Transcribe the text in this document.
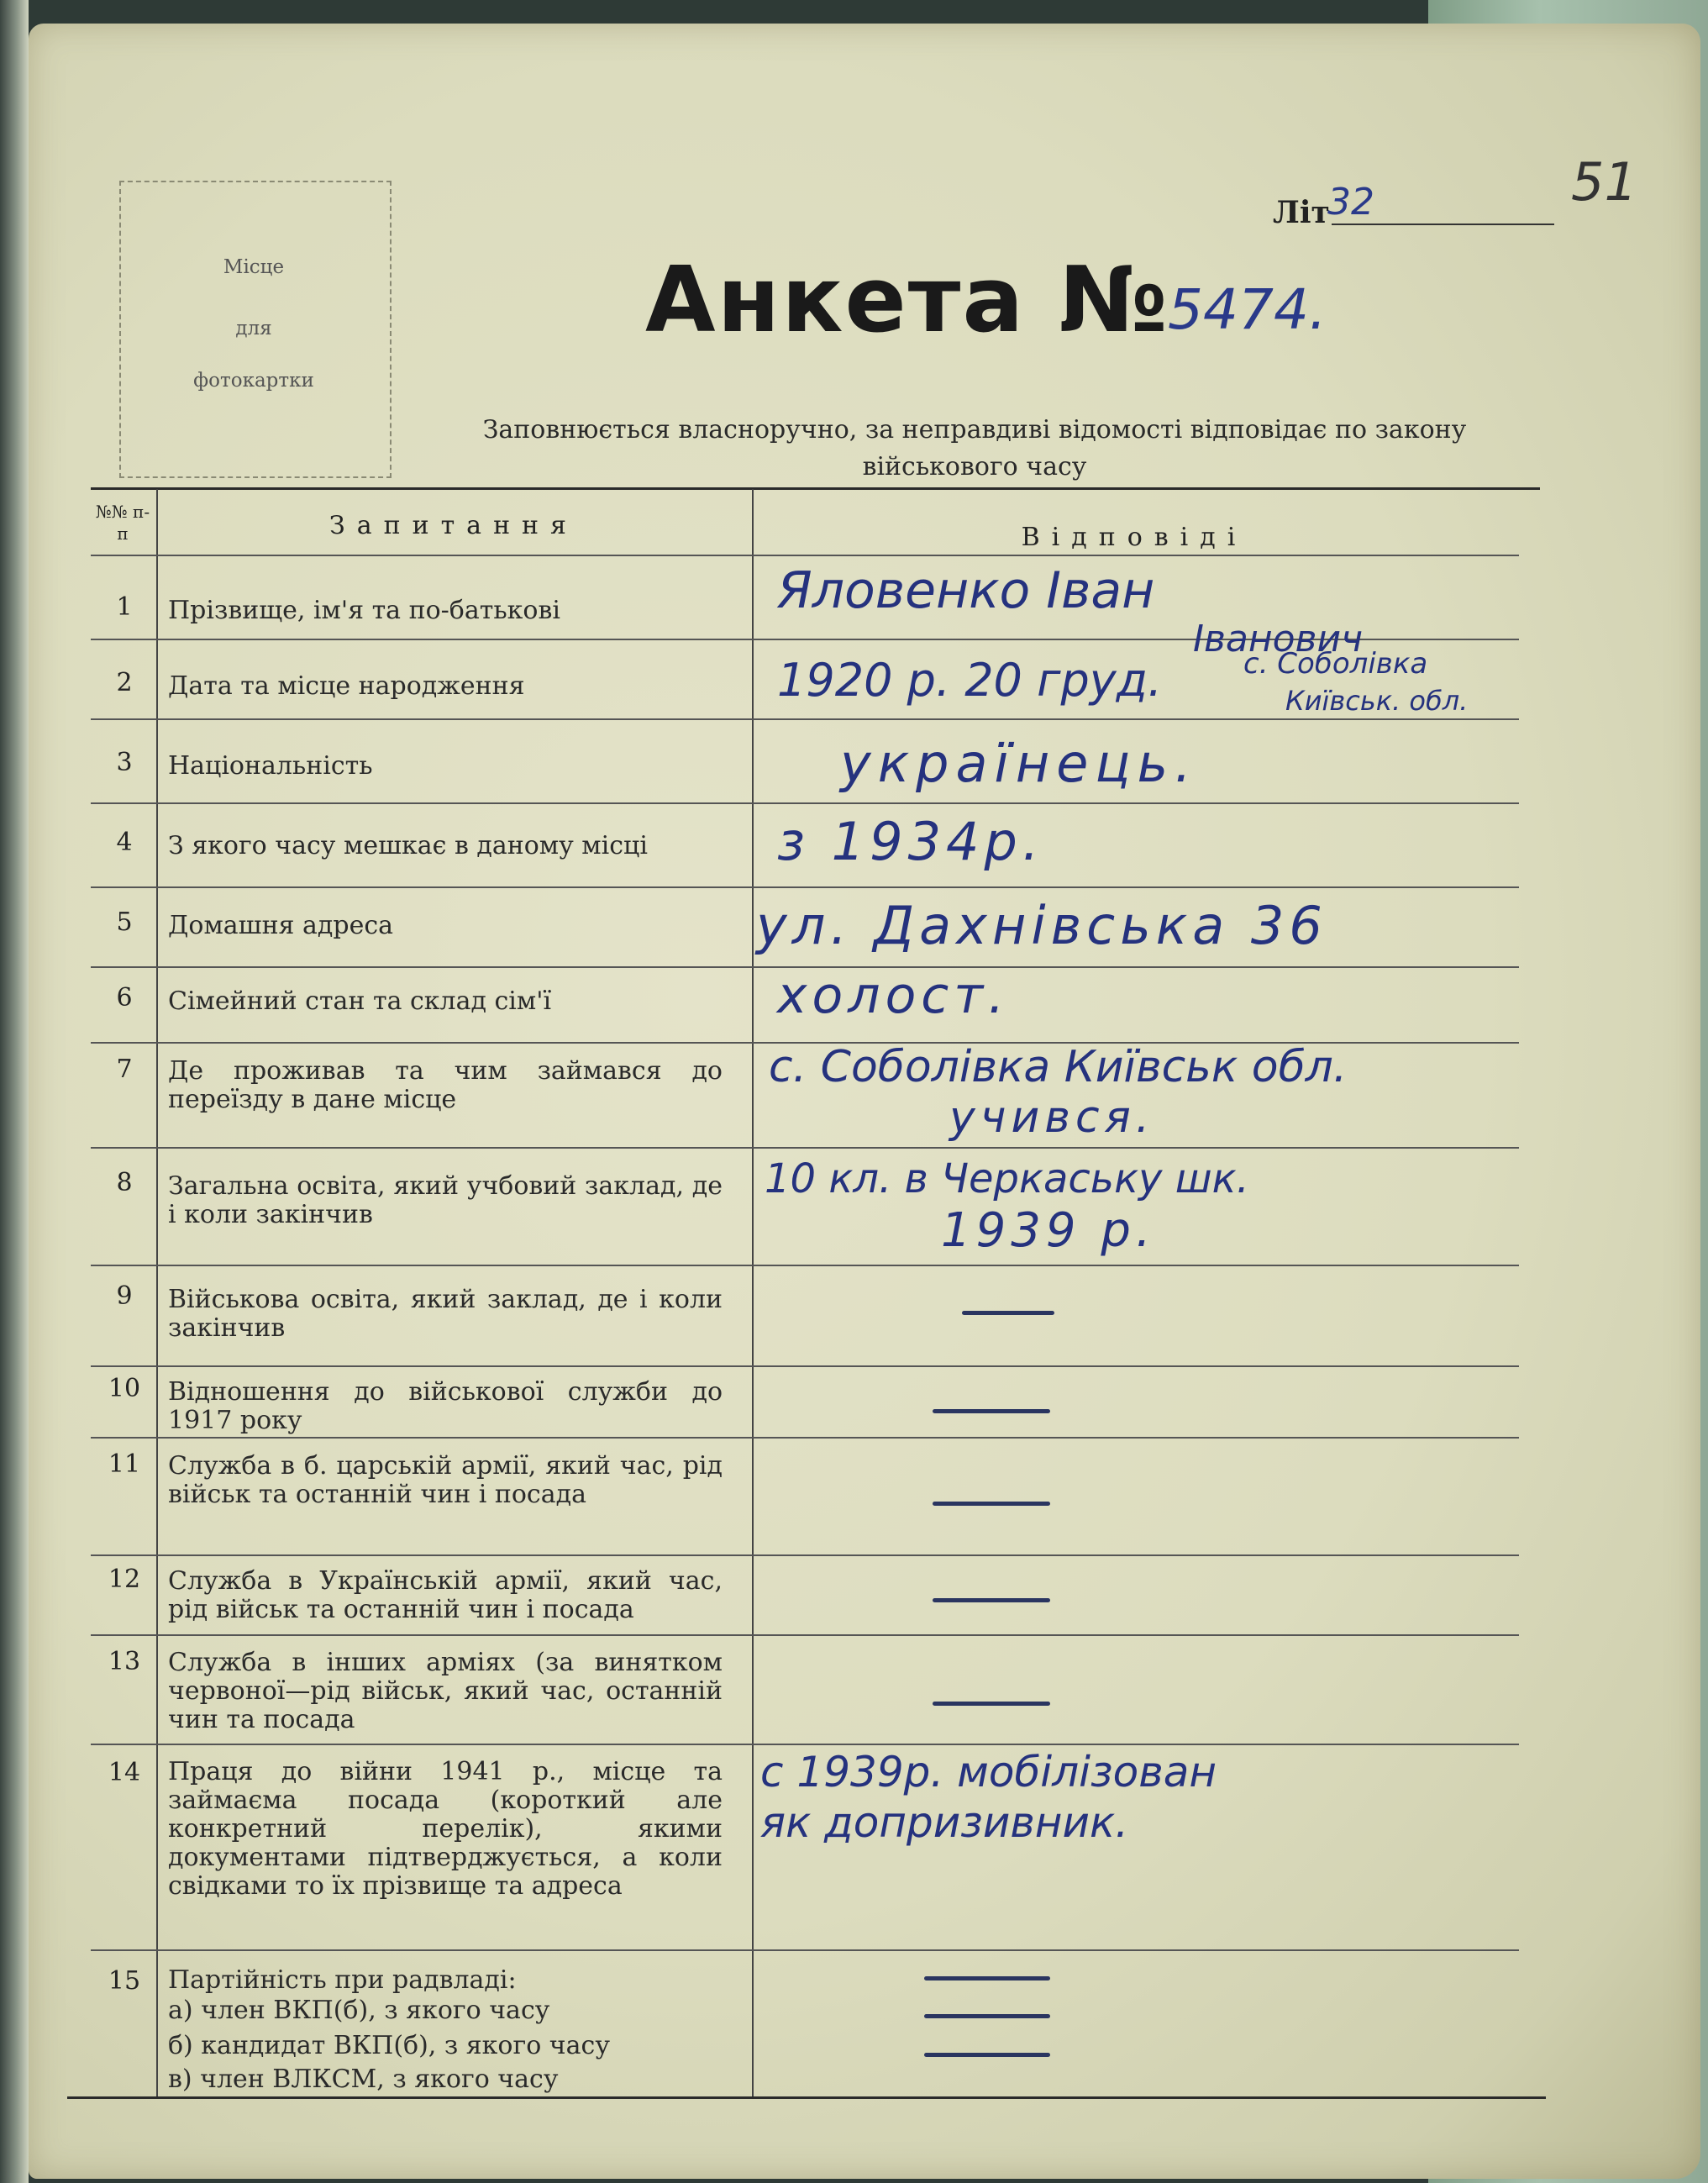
Місце
для
фотокартки
Літ
32	51
Анкета №
5474.
Заповнюється власноручно, за неправдиві відомості відповідає по закону військового часу
№№ п-п	Запитання	Відповіді
1	Прізвище, ім'я та по-батькові	Яловенко Іван
Іванович
2	Дата та місце народження	1920 р. 20 груд.	с. Соболівка
Київськ. обл.
3	Національність	українець.
4	З якого часу мешкає в даному місці	з 1934р.
5	Домашня адреса	ул. Дахнівська 36
6	Сімейний стан та склад сім'ї	холост.
7	Де проживав та чим займався до переїзду в дане місце
с. Соболівка Київськ обл.
учився.
8	Загальна освіта, який учбовий заклад, де і коли закінчив
10 кл. в Черкаську шк.
1939 р.
9	Військова освіта, який заклад, де і коли закінчив
10	Відношення до військової служби до 1917 року
11	Служба в б. царській армії, який час, рід військ та останній чин і посада
12	Служба в Українській армії, який час, рід військ та останній чин і посада
13	Служба в інших арміях (за винятком червоної—рід військ, який час, останній чин та посада
14	Праця до війни 1941 р., місце та займаєма посада (короткий але конкретний перелік), якими документами підтверджується, а коли свідками то їх прізвище та адреса
с 1939р. мобілізован
як допризивник.
15	Партійність при радвладі:
а) член ВКП(б), з якого часу
б) кандидат ВКП(б), з якого часу
в) член ВЛКСМ, з якого часу
